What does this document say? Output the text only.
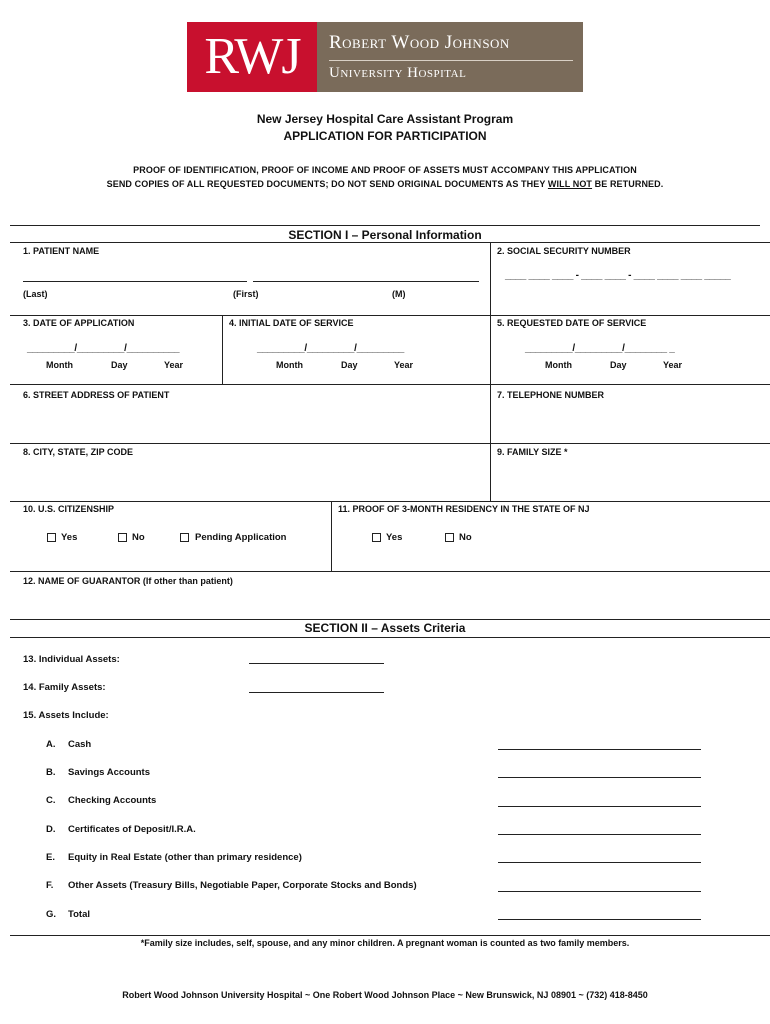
RWJ	Robert Wood Johnson
University Hospital
New Jersey Hospital Care Assistant Program
APPLICATION FOR PARTICIPATION
PROOF OF IDENTIFICATION, PROOF OF INCOME AND PROOF OF ASSETS MUST ACCOMPANY THIS APPLICATION
SEND COPIES OF ALL REQUESTED DOCUMENTS; DO NOT SEND ORIGINAL DOCUMENTS AS THEY WILL NOT BE RETURNED.
SECTION I – Personal Information
1. PATIENT NAME
(Last)	(First)	(M)
2. SOCIAL SECURITY NUMBER
____ ____ ____ - ____ ____ - ____ ____ ____ _____
3. DATE OF APPLICATION	4. INITIAL DATE OF SERVICE	5. REQUESTED DATE OF SERVICE
_________/_________/__________
Month	Day	Year
_________/_________/_________
Month	Day	Year
_________/_________/________ _
Month	Day	Year
6. STREET ADDRESS OF PATIENT	7. TELEPHONE NUMBER
8. CITY, STATE, ZIP CODE	9. FAMILY SIZE *
10. U.S. CITIZENSHIP	11. PROOF OF 3-MONTH RESIDENCY IN THE STATE OF NJ
Yes	No	Pending Application	Yes	No
12. NAME OF GUARANTOR (If other than patient)
SECTION II – Assets Criteria
13. Individual Assets:
14. Family Assets:
15. Assets Include:
A. Cash
B. Savings Accounts
C. Checking Accounts
D. Certificates of Deposit/I.R.A.
E. Equity in Real Estate (other than primary residence)
F. Other Assets (Treasury Bills, Negotiable Paper, Corporate Stocks and Bonds)
G. Total
*Family size includes, self, spouse, and any minor children. A pregnant woman is counted as two family members.
Robert Wood Johnson University Hospital ~ One Robert Wood Johnson Place ~ New Brunswick, NJ 08901 ~ (732) 418-8450
